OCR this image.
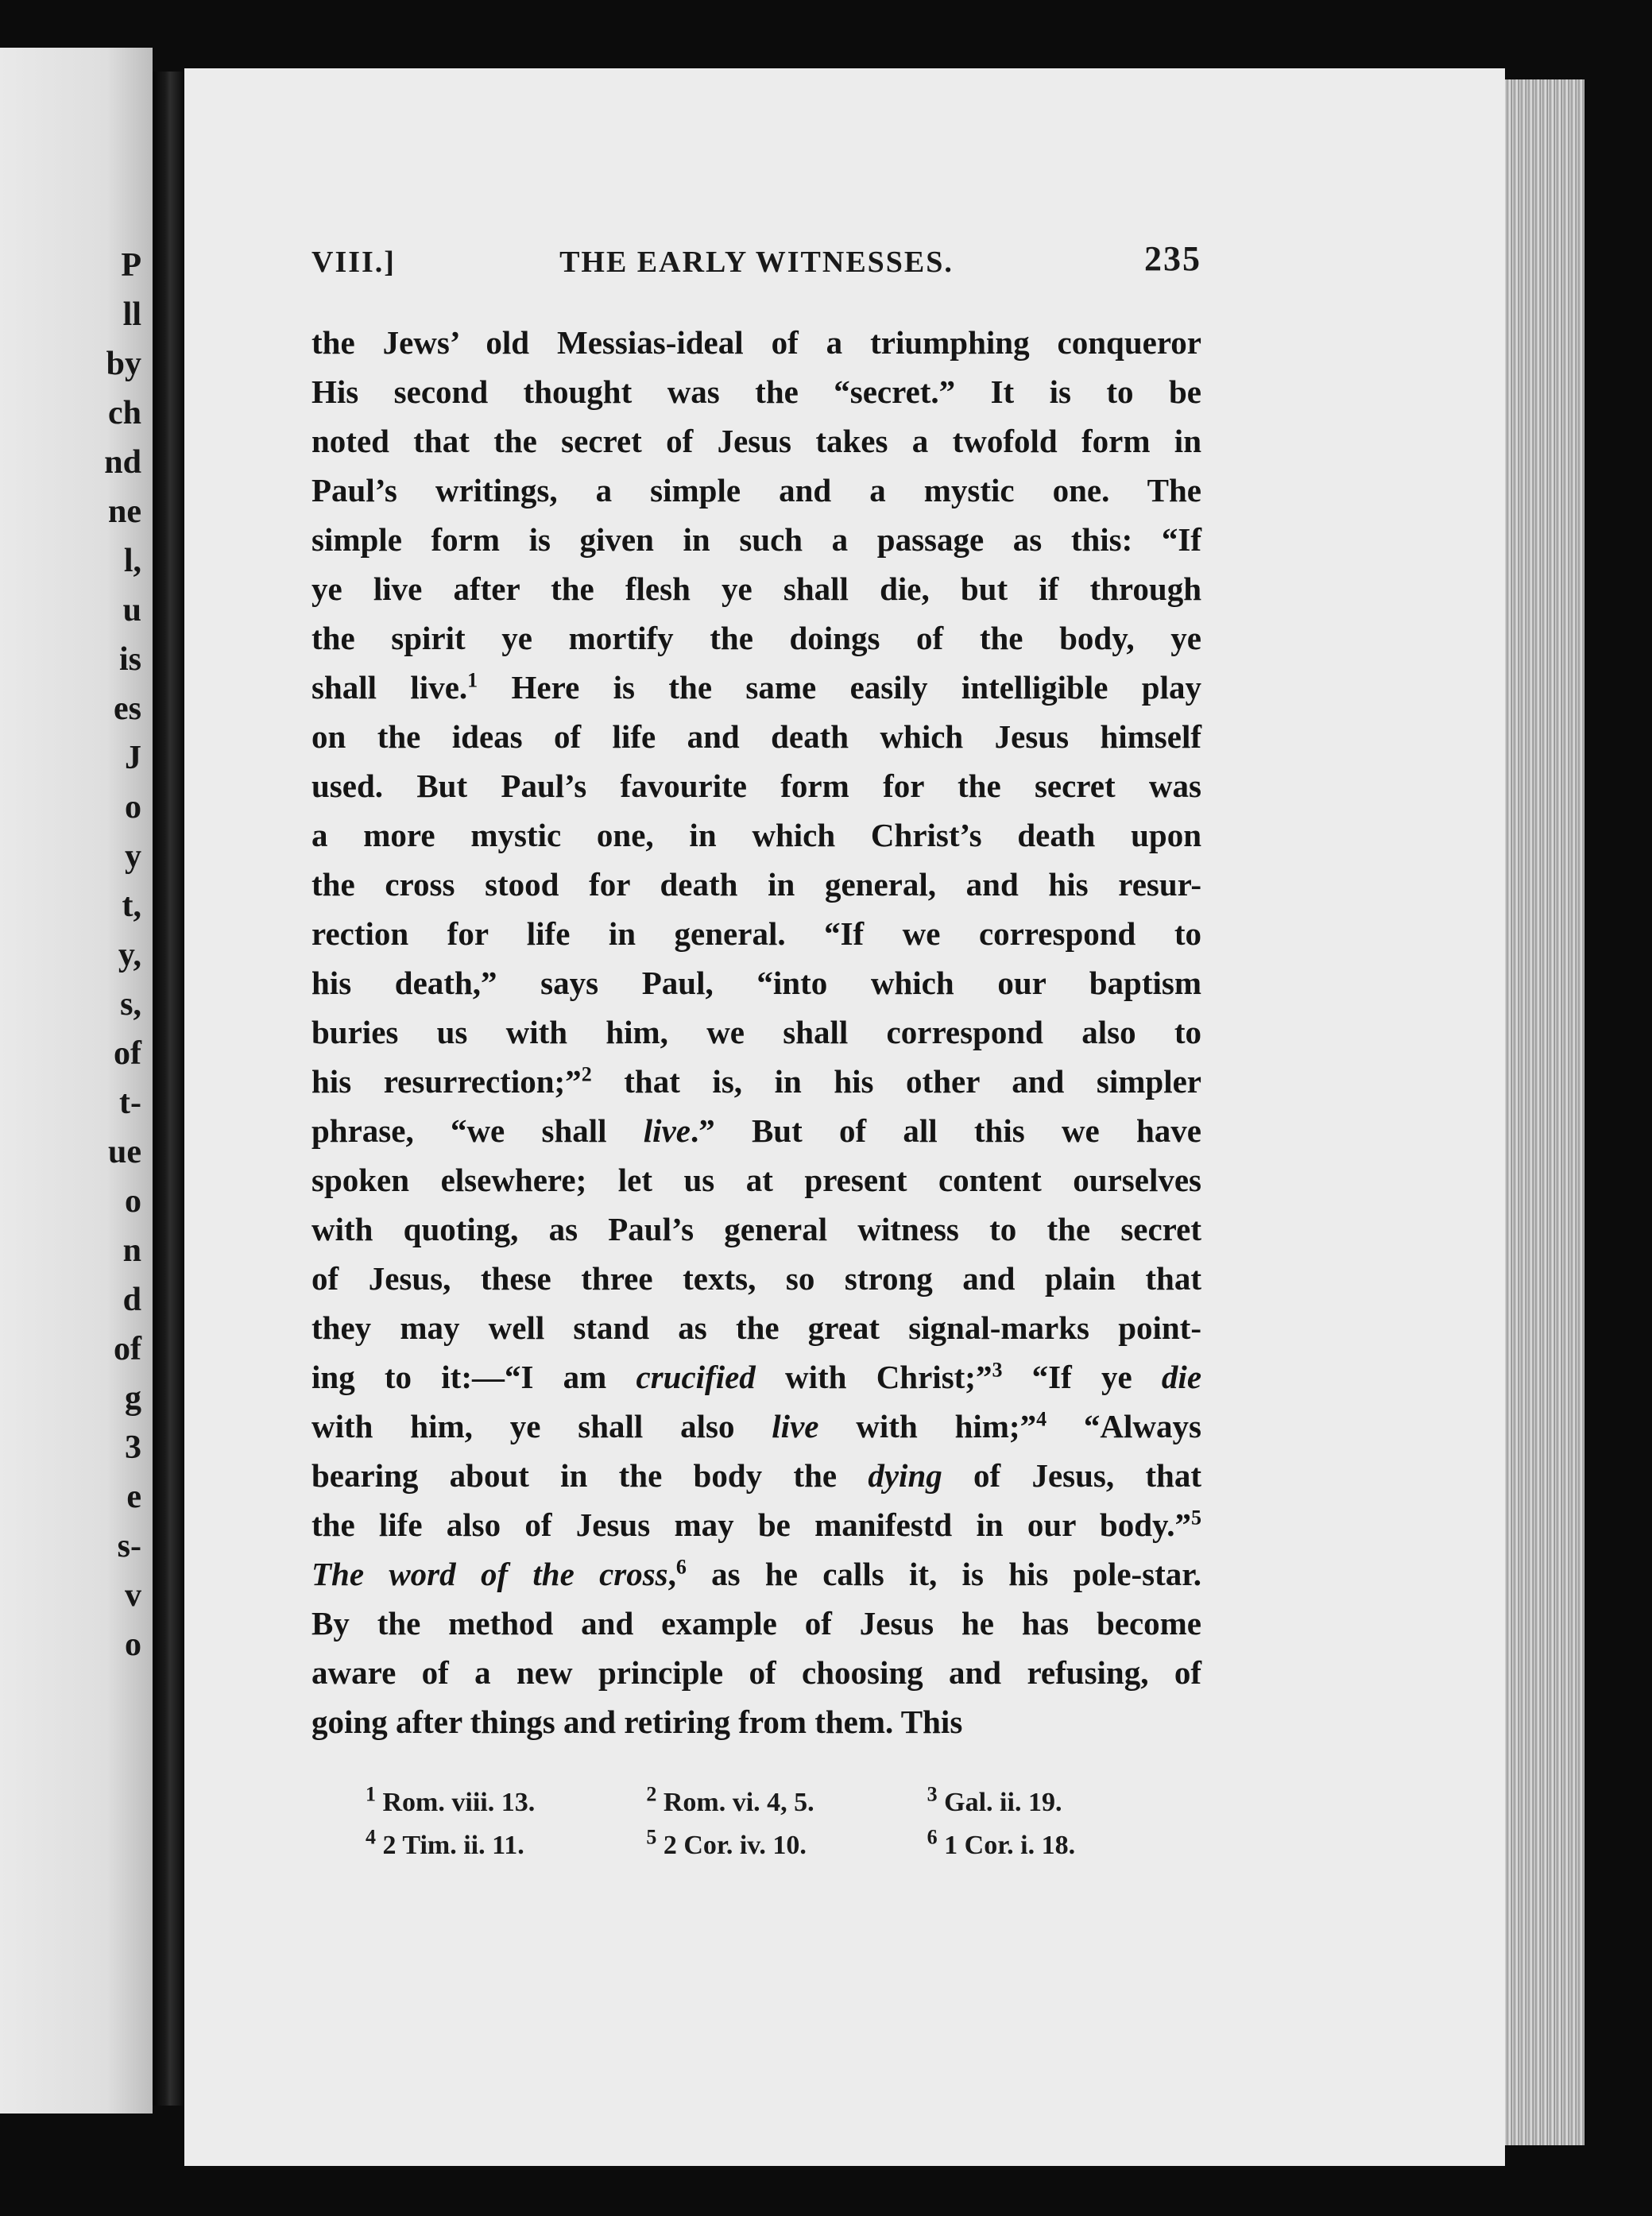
P
ll
by
ch
nd
ne
l,
u
is
es
J
o
y
t,
y,
s,
of
t-
ue
o
n
d
of
g
3
e
s-
v
o
VIII.]	THE EARLY WITNESSES.	235
the Jews’ old Messias-ideal of a triumphing conqueror
His second thought was the “secret.” It is to be
noted that the secret of Jesus takes a twofold form in
Paul’s writings, a simple and a mystic one. The
simple form is given in such a passage as this: “If
ye live after the flesh ye shall die, but if through
the spirit ye mortify the doings of the body, ye
shall live.$^1$ Here is the same easily intelligible play
on the ideas of life and death which Jesus himself
used. But Paul’s favourite form for the secret was
a more mystic one, in which Christ’s death upon
the cross stood for death in general, and his resur-
rection for life in general. “If we correspond to
his death,” says Paul, “into which our baptism
buries us with him, we shall correspond also to
his resurrection;”$^2$ that is, in his other and simpler
phrase, “we shall live.” But of all this we have
spoken elsewhere; let us at present content ourselves
with quoting, as Paul’s general witness to the secret
of Jesus, these three texts, so strong and plain that
they may well stand as the great signal-marks point-
ing to it:—“I am crucified with Christ;”$^3$ “If ye die
with him, ye shall also live with him;”$^4$ “Always
bearing about in the body the dying of Jesus, that
the life also of Jesus may be manifestd in our body.”$^5$
The word of the cross,$^6$ as he calls it, is his pole-star.
By the method and example of Jesus he has become
aware of a new principle of choosing and refusing, of
going after things and retiring from them. This
$^1$ Rom. viii. 13.	$^2$ Rom. vi. 4, 5.	$^3$ Gal. ii. 19.
$^4$ 2 Tim. ii. 11.	$^5$ 2 Cor. iv. 10.	$^6$ 1 Cor. i. 18.
